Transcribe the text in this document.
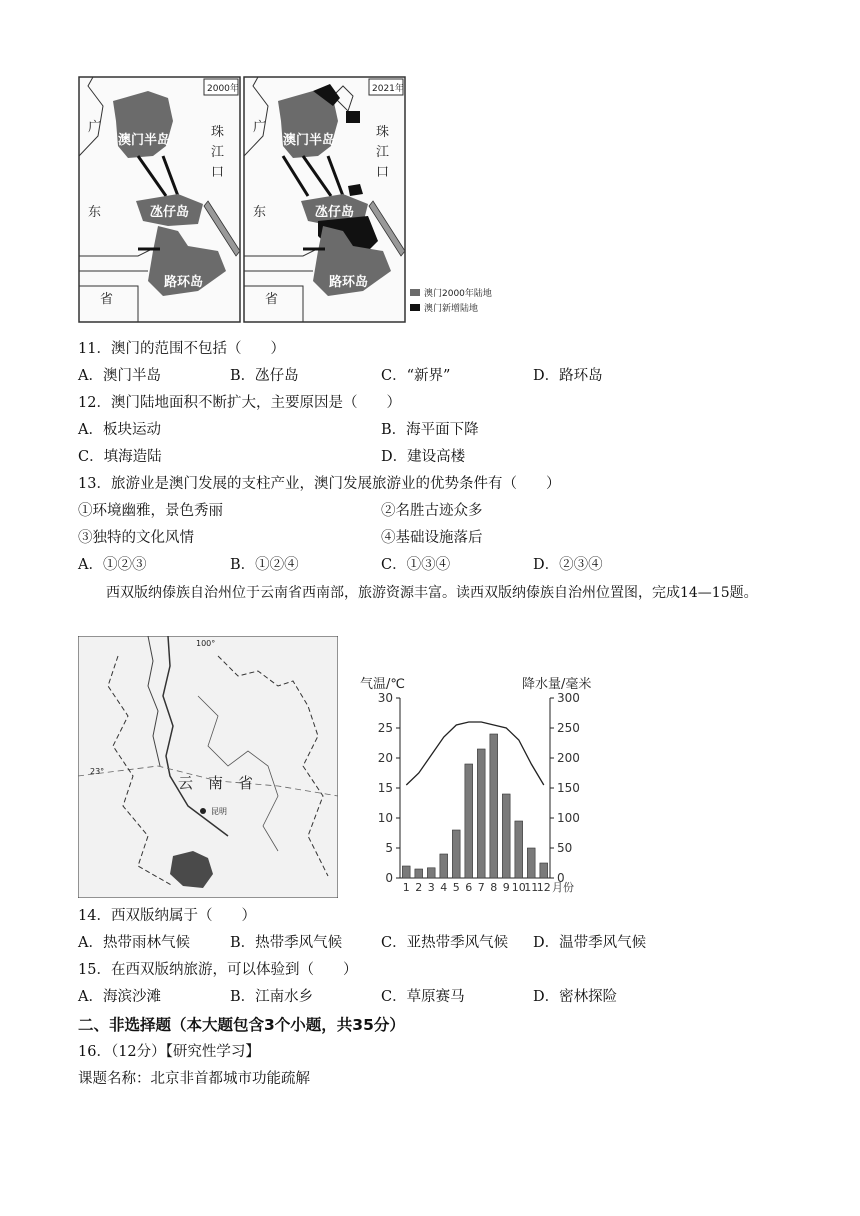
2000年
广
东
省
珠
江
口
澳门半岛
氹仔岛
路环岛
2021年
广
东
省
珠
江
口
澳门半岛
氹仔岛
路环岛
澳门2000年陆地
澳门新增陆地
11．澳门的范围不包括（　　）
A．澳门半岛	B．氹仔岛	C．“新界”	D．路环岛
12．澳门陆地面积不断扩大，主要原因是（　　）
A．板块运动	B．海平面下降
C．填海造陆	D．建设高楼
13．旅游业是澳门发展的支柱产业，澳门发展旅游业的优势条件有（　　）
①环境幽雅，景色秀丽	②名胜古迹众多
③独特的文化风情	④基础设施落后
A．①②③	B．①②④	C．①③④	D．②③④
西双版纳傣族自治州位于云南省西南部，旅游资源丰富。读西双版纳傣族自治州位置图，完成14—15题。
昆明
云　南　省
100°
23°
0
5
10
15
20
25
30
0
50
100
150
200
250
300
气温/℃	降水量/毫米
1 2 3 4 5 6 7 8 9 10
11
12 月份
14．西双版纳属于（　　）
A．热带雨林气候	B．热带季风气候	C．亚热带季风气候 D．温带季风气候
15．在西双版纳旅游，可以体验到（　　）
A．海滨沙滩	B．江南水乡	C．草原赛马	D．密林探险
二、非选择题（本大题包含3个小题，共35分）
16．（12分）【研究性学习】
课题名称：北京非首都城市功能疏解
